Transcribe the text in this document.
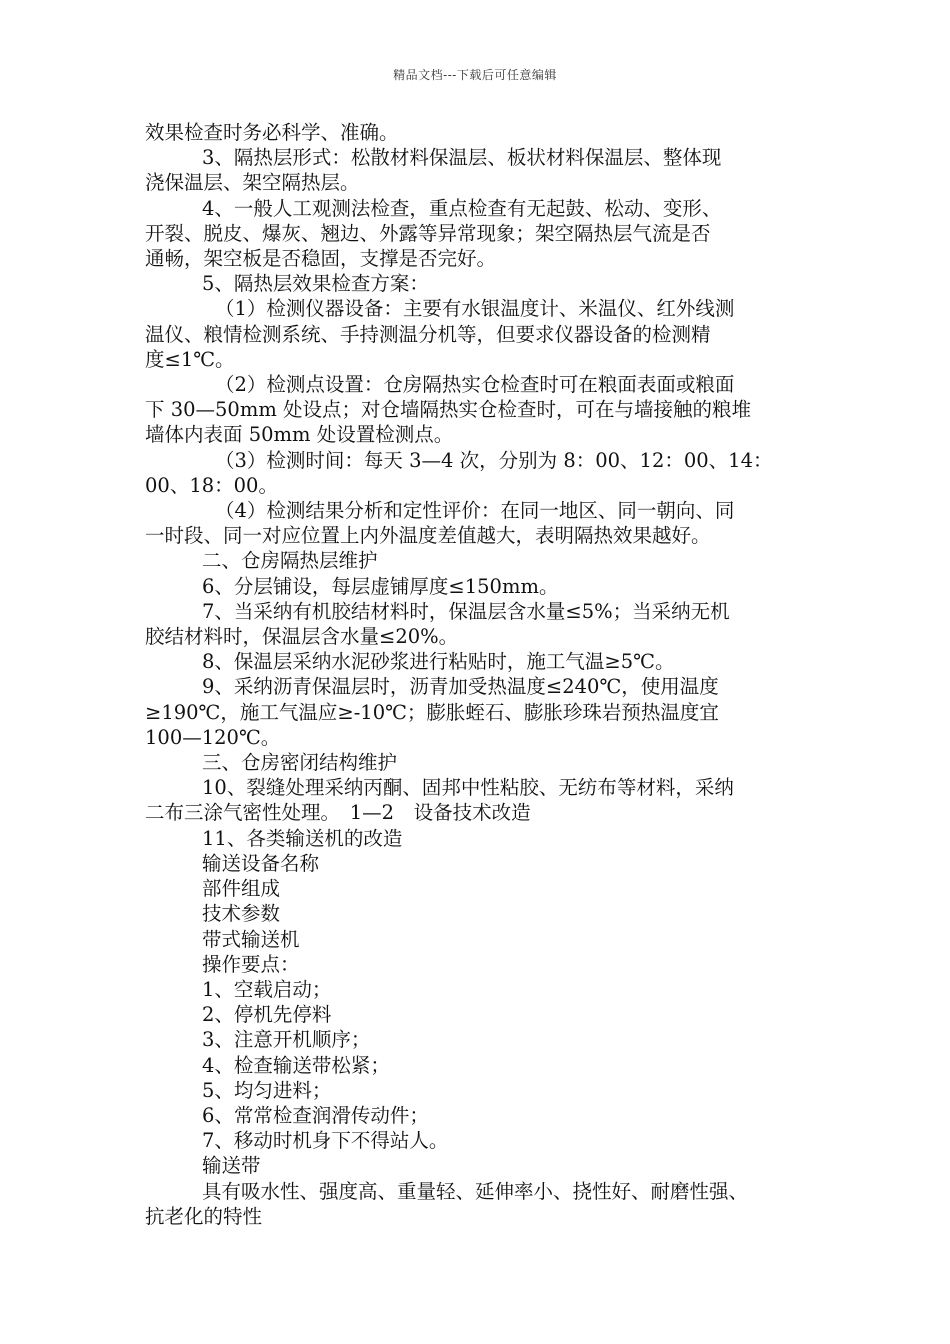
精品文档---下载后可任意编辑

效果检查时务必科学、准确。

3、隔热层形式：松散材料保温层、板状材料保温层、整体现

浇保温层、架空隔热层。

4、一般人工观测法检查，重点检查有无起鼓、松动、变形、

开裂、脱皮、爆灰、翘边、外露等异常现象；架空隔热层气流是否

通畅，架空板是否稳固，支撑是否完好。

5、隔热层效果检查方案：

（1）检测仪器设备：主要有水银温度计、米温仪、红外线测

温仪、粮情检测系统、手持测温分机等，但要求仪器设备的检测精

度≤1℃。

（2）检测点设置：仓房隔热实仓检查时可在粮面表面或粮面

下 30—50mm 处设点；对仓墙隔热实仓检查时，可在与墙接触的粮堆

墙体内表面 50mm 处设置检测点。

（3）检测时间：每天 3—4 次，分别为 8：00、12：00、14：

00、18：00。

（4）检测结果分析和定性评价：在同一地区、同一朝向、同

一时段、同一对应位置上内外温度差值越大，表明隔热效果越好。

二、仓房隔热层维护

6、分层铺设，每层虚铺厚度≤150mm。

7、当采纳有机胶结材料时，保温层含水量≤5%；当采纳无机

胶结材料时，保温层含水量≤20%。

8、保温层采纳水泥砂浆进行粘贴时，施工气温≥5℃。

9、采纳沥青保温层时，沥青加受热温度≤240℃，使用温度

≥190℃，施工气温应≥-10℃；膨胀蛭石、膨胀珍珠岩预热温度宜

100—120℃。

三、仓房密闭结构维护

10、裂缝处理采纳丙酮、固邦中性粘胶、无纺布等材料，采纳

二布三涂气密性处理。　1—2　设备技术改造

11、各类输送机的改造

输送设备名称

部件组成

技术参数

带式输送机

操作要点：

1、空载启动；

2、停机先停料

3、注意开机顺序；

4、检查输送带松紧；

5、均匀进料；

6、常常检查润滑传动件；

7、移动时机身下不得站人。

输送带

具有吸水性、强度高、重量轻、延伸率小、挠性好、耐磨性强、

抗老化的特性
